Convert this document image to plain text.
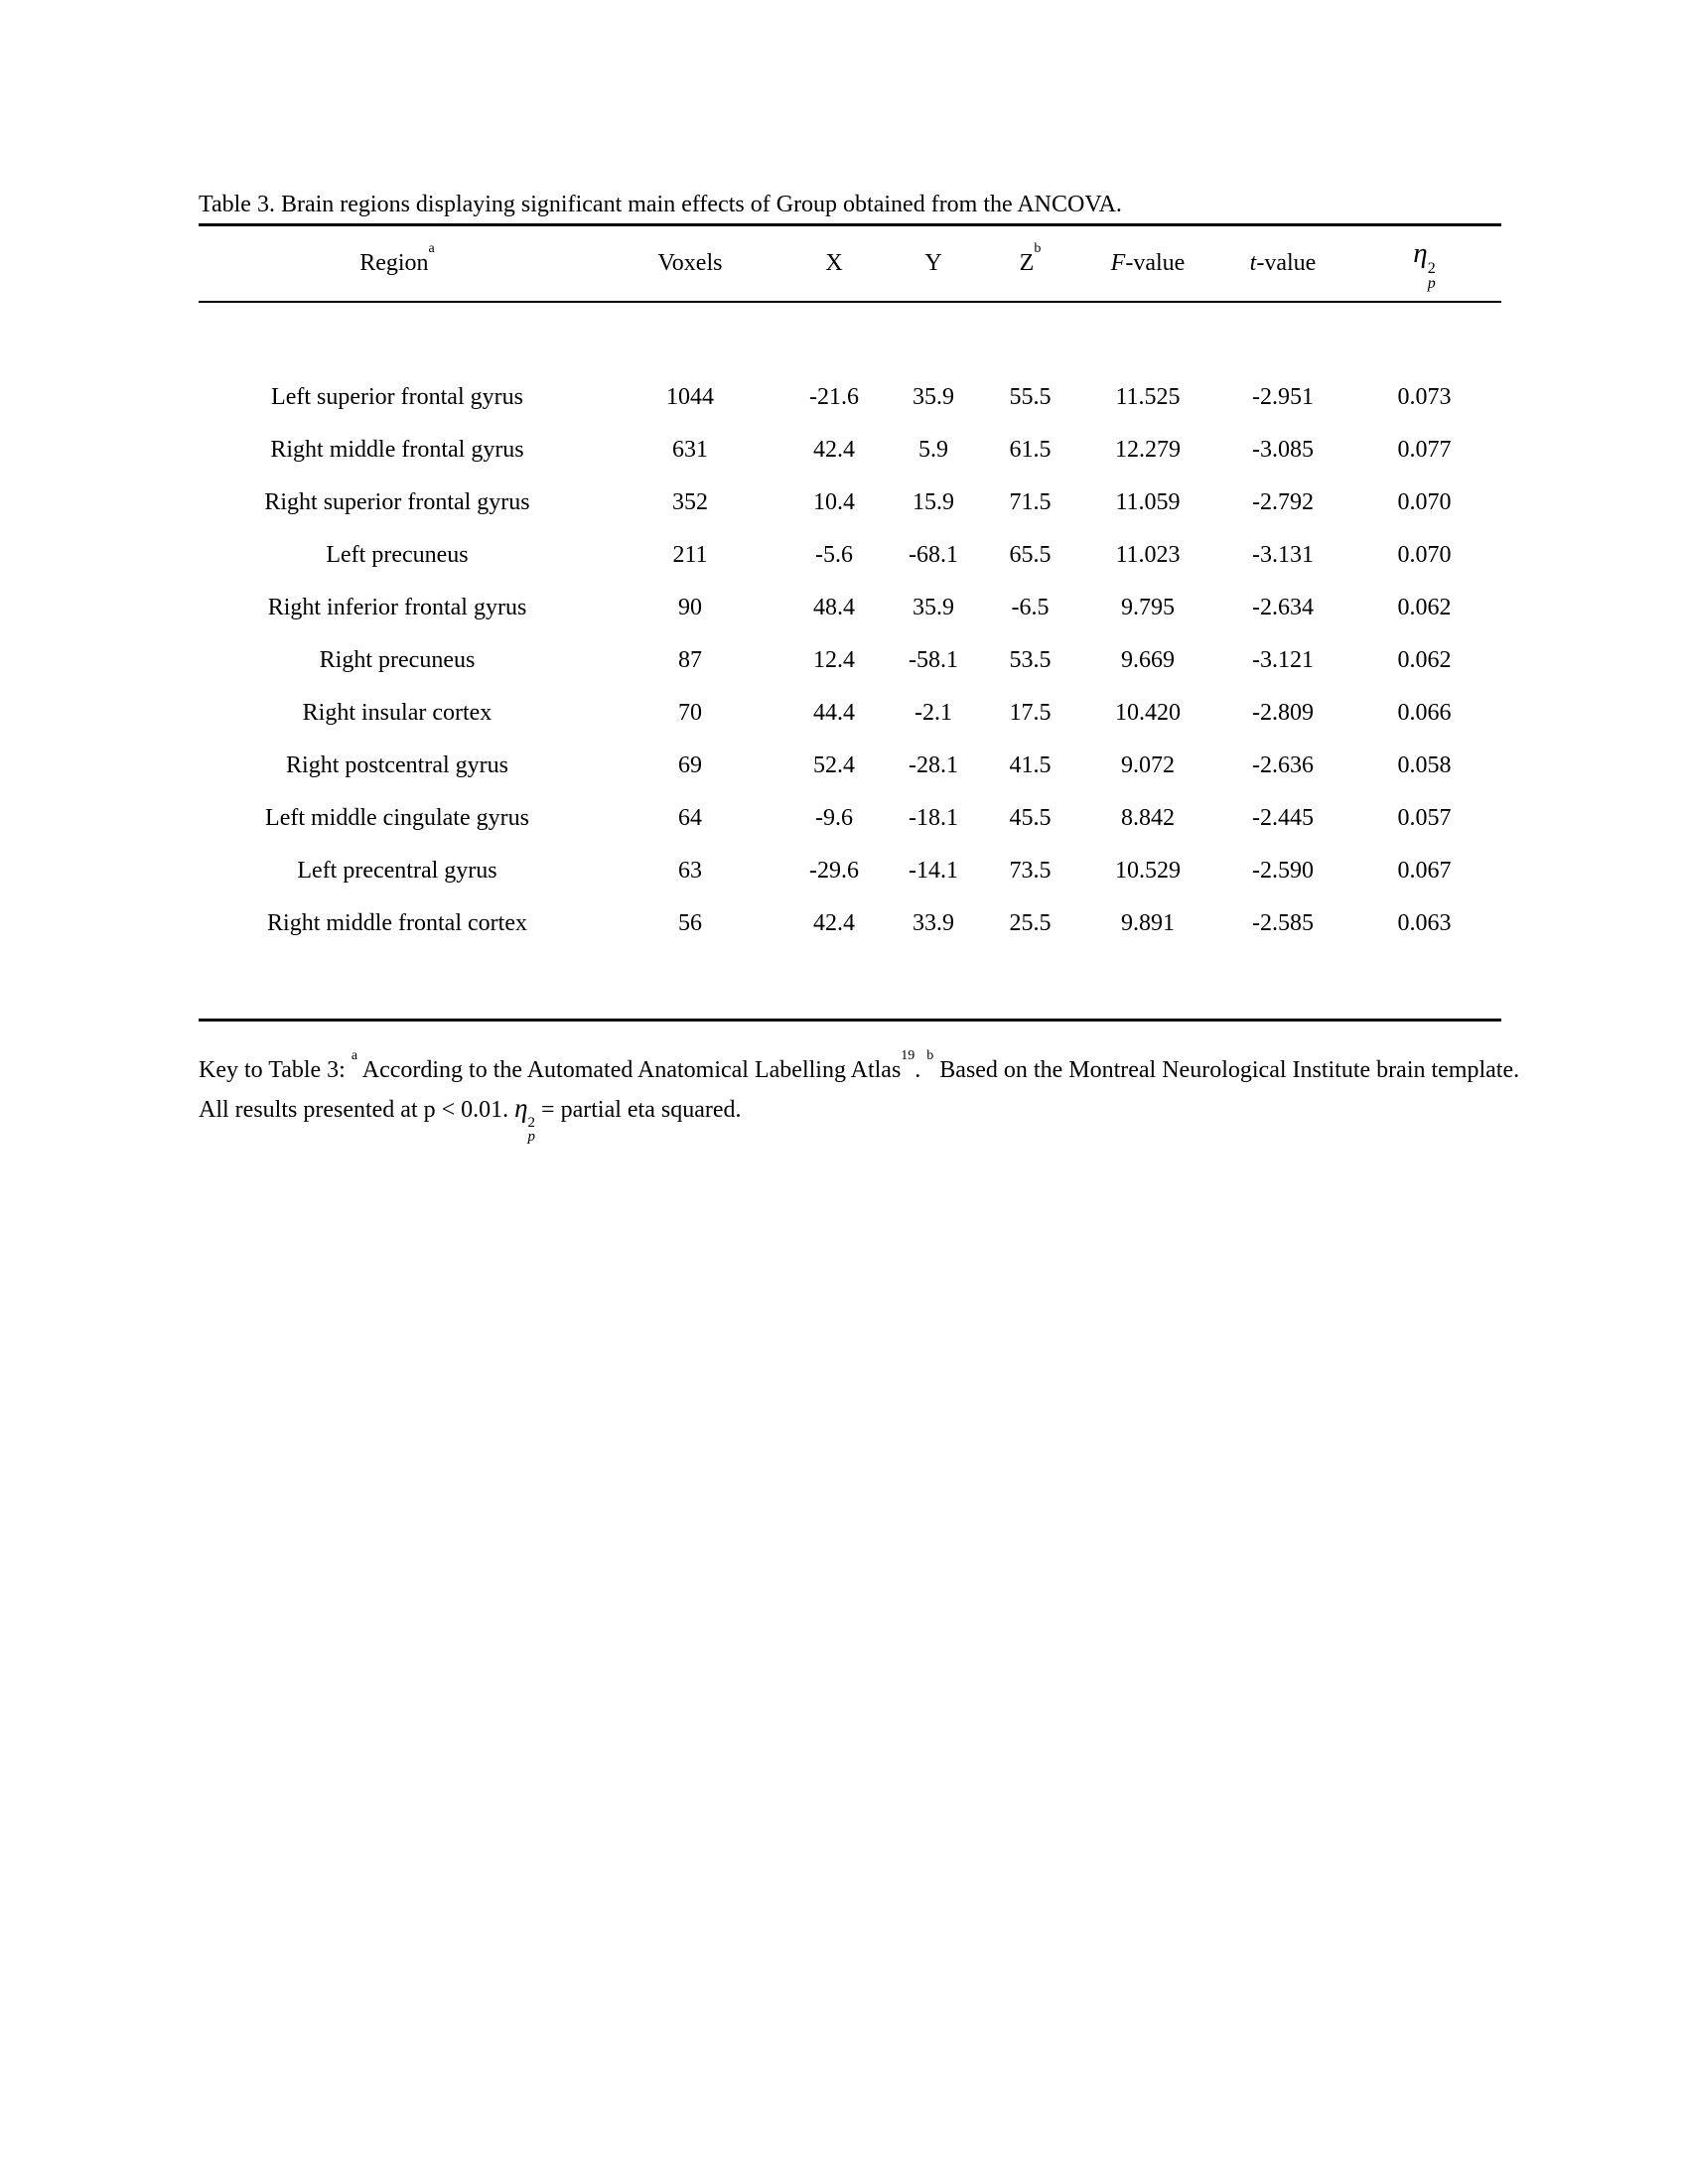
Table 3. Brain regions displaying significant main effects of Group obtained from the ANCOVA.
Region$^a$	Voxels	X	Y	$Z^b$	F-value	t-value	η 2
p

Left superior frontal gyrus	1044	-21.6	35.9	55.5	11.525	-2.951	0.073
Right middle frontal gyrus	631	42.4	5.9	61.5	12.279	-3.085	0.077
Right superior frontal gyrus	352	10.4	15.9	71.5	11.059	-2.792	0.070
Left precuneus	211	-5.6	-68.1	65.5	11.023	-3.131	0.070
Right inferior frontal gyrus	90	48.4	35.9	-6.5	9.795	-2.634	0.062
Right precuneus	87	12.4	-58.1	53.5	9.669	-3.121	0.062
Right insular cortex	70	44.4	-2.1	17.5	10.420	-2.809	0.066
Right postcentral gyrus	69	52.4	-28.1	41.5	9.072	-2.636	0.058
Left middle cingulate gyrus	64	-9.6	-18.1	45.5	8.842	-2.445	0.057
Left precentral gyrus	63	-29.6	-14.1	73.5	10.529	-2.590	0.067
Right middle frontal cortex	56	42.4	33.9	25.5	9.891	-2.585	0.063

Key to Table 3: $^a$ According to the Automated Anatomical Labelling Atlas$^{19}$. $^b$ Based on the Montreal Neurological Institute brain template. All results presented at p < 0.01. η 2
p
= partial eta squared.
